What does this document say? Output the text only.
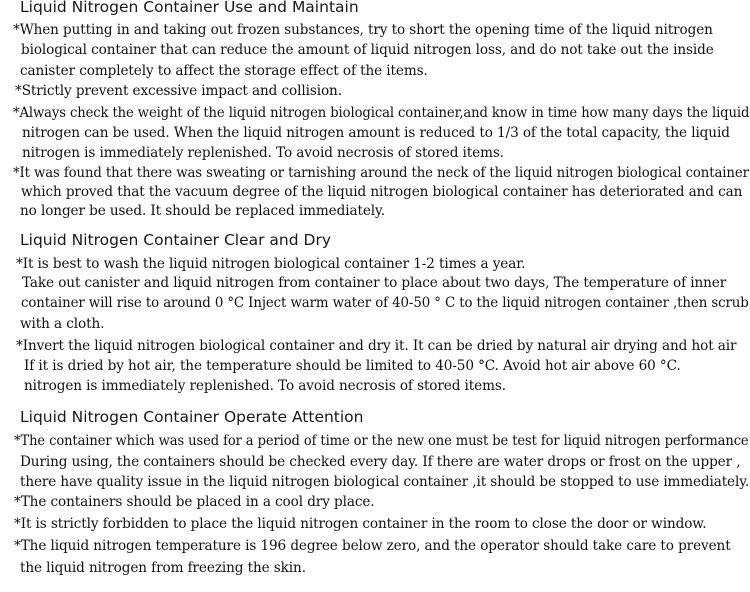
Liquid Nitrogen Container Use and Maintain
*When putting in and taking out frozen substances, try to short the opening time of the liquid nitrogen
biological container that can reduce the amount of liquid nitrogen loss, and do not take out the inside
canister completely to affect the storage effect of the items.
*Strictly prevent excessive impact and collision.
*Always check the weight of the liquid nitrogen biological container,and know in time how many days the liquid
nitrogen can be used. When the liquid nitrogen amount is reduced to 1/3 of the total capacity, the liquid
nitrogen is immediately replenished. To avoid necrosis of stored items.
*It was found that there was sweating or tarnishing around the neck of the liquid nitrogen biological container
which proved that the vacuum degree of the liquid nitrogen biological container has deteriorated and can
no longer be used. It should be replaced immediately.
Liquid Nitrogen Container Clear and Dry
*It is best to wash the liquid nitrogen biological container 1-2 times a year.
Take out canister and liquid nitrogen from container to place about two days, The temperature of inner
container will rise to around 0 °C Inject warm water of 40-50 ° C to the liquid nitrogen container ,then scrub
with a cloth.
*Invert the liquid nitrogen biological container and dry it. It can be dried by natural air drying and hot air
If it is dried by hot air, the temperature should be limited to 40-50 °C. Avoid hot air above 60 °C.
nitrogen is immediately replenished. To avoid necrosis of stored items.
Liquid Nitrogen Container Operate Attention
*The container which was used for a period of time or the new one must be test for liquid nitrogen performance
During using, the containers should be checked every day. If there are water drops or frost on the upper ,
there have quality issue in the liquid nitrogen biological container ,it should be stopped to use immediately.
*The containers should be placed in a cool dry place.
*It is strictly forbidden to place the liquid nitrogen container in the room to close the door or window.
*The liquid nitrogen temperature is 196 degree below zero, and the operator should take care to prevent
the liquid nitrogen from freezing the skin.
